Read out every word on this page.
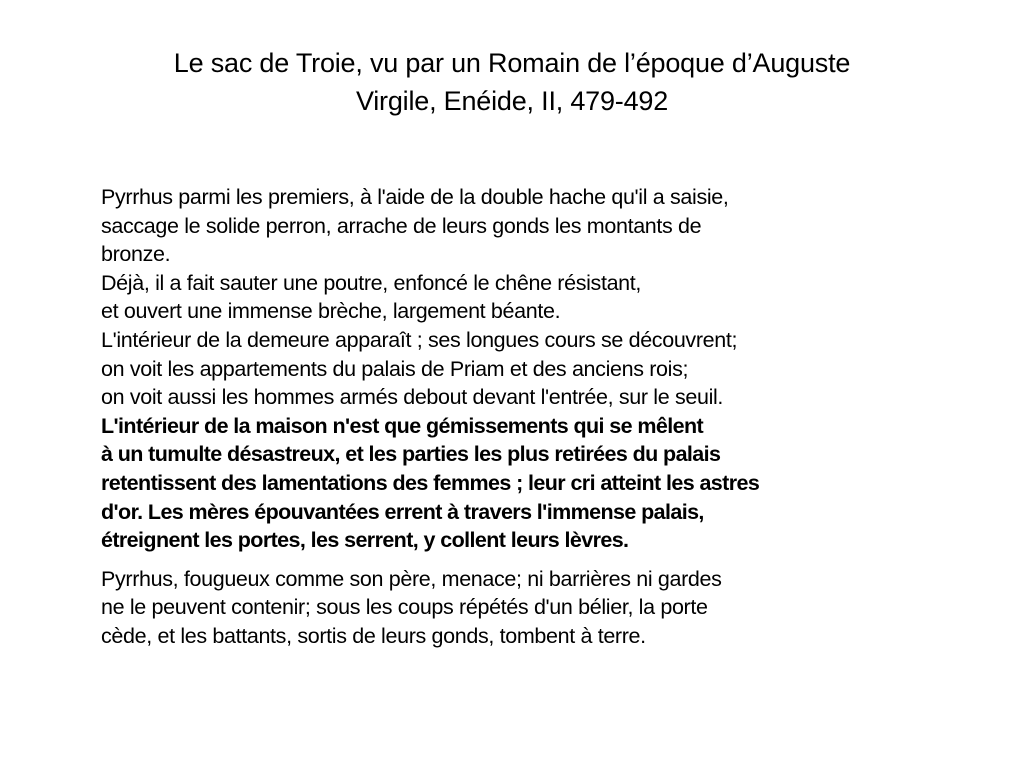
Le sac de Troie, vu par un Romain de l’époque d’Auguste
Virgile, Enéide, II, 479-492
Pyrrhus parmi les premiers, à l'aide de la double hache qu'il a saisie,
saccage le solide perron, arrache de leurs gonds les montants de
bronze.
Déjà, il a fait sauter une poutre, enfoncé le chêne résistant,
et ouvert une immense brèche, largement béante.
L'intérieur de la demeure apparaît ; ses longues cours se découvrent;
on voit les appartements du palais de Priam et des anciens rois;
on voit aussi les hommes armés debout devant l'entrée, sur le seuil.
L'intérieur de la maison n'est que gémissements qui se mêlent
à un tumulte désastreux, et les parties les plus retirées du palais
retentissent des lamentations des femmes ; leur cri atteint les astres
d'or. Les mères épouvantées errent à travers l'immense palais,
étreignent les portes, les serrent, y collent leurs lèvres.
Pyrrhus, fougueux comme son père, menace; ni barrières ni gardes
ne le peuvent contenir; sous les coups répétés d'un bélier, la porte
cède, et les battants, sortis de leurs gonds, tombent à terre.
